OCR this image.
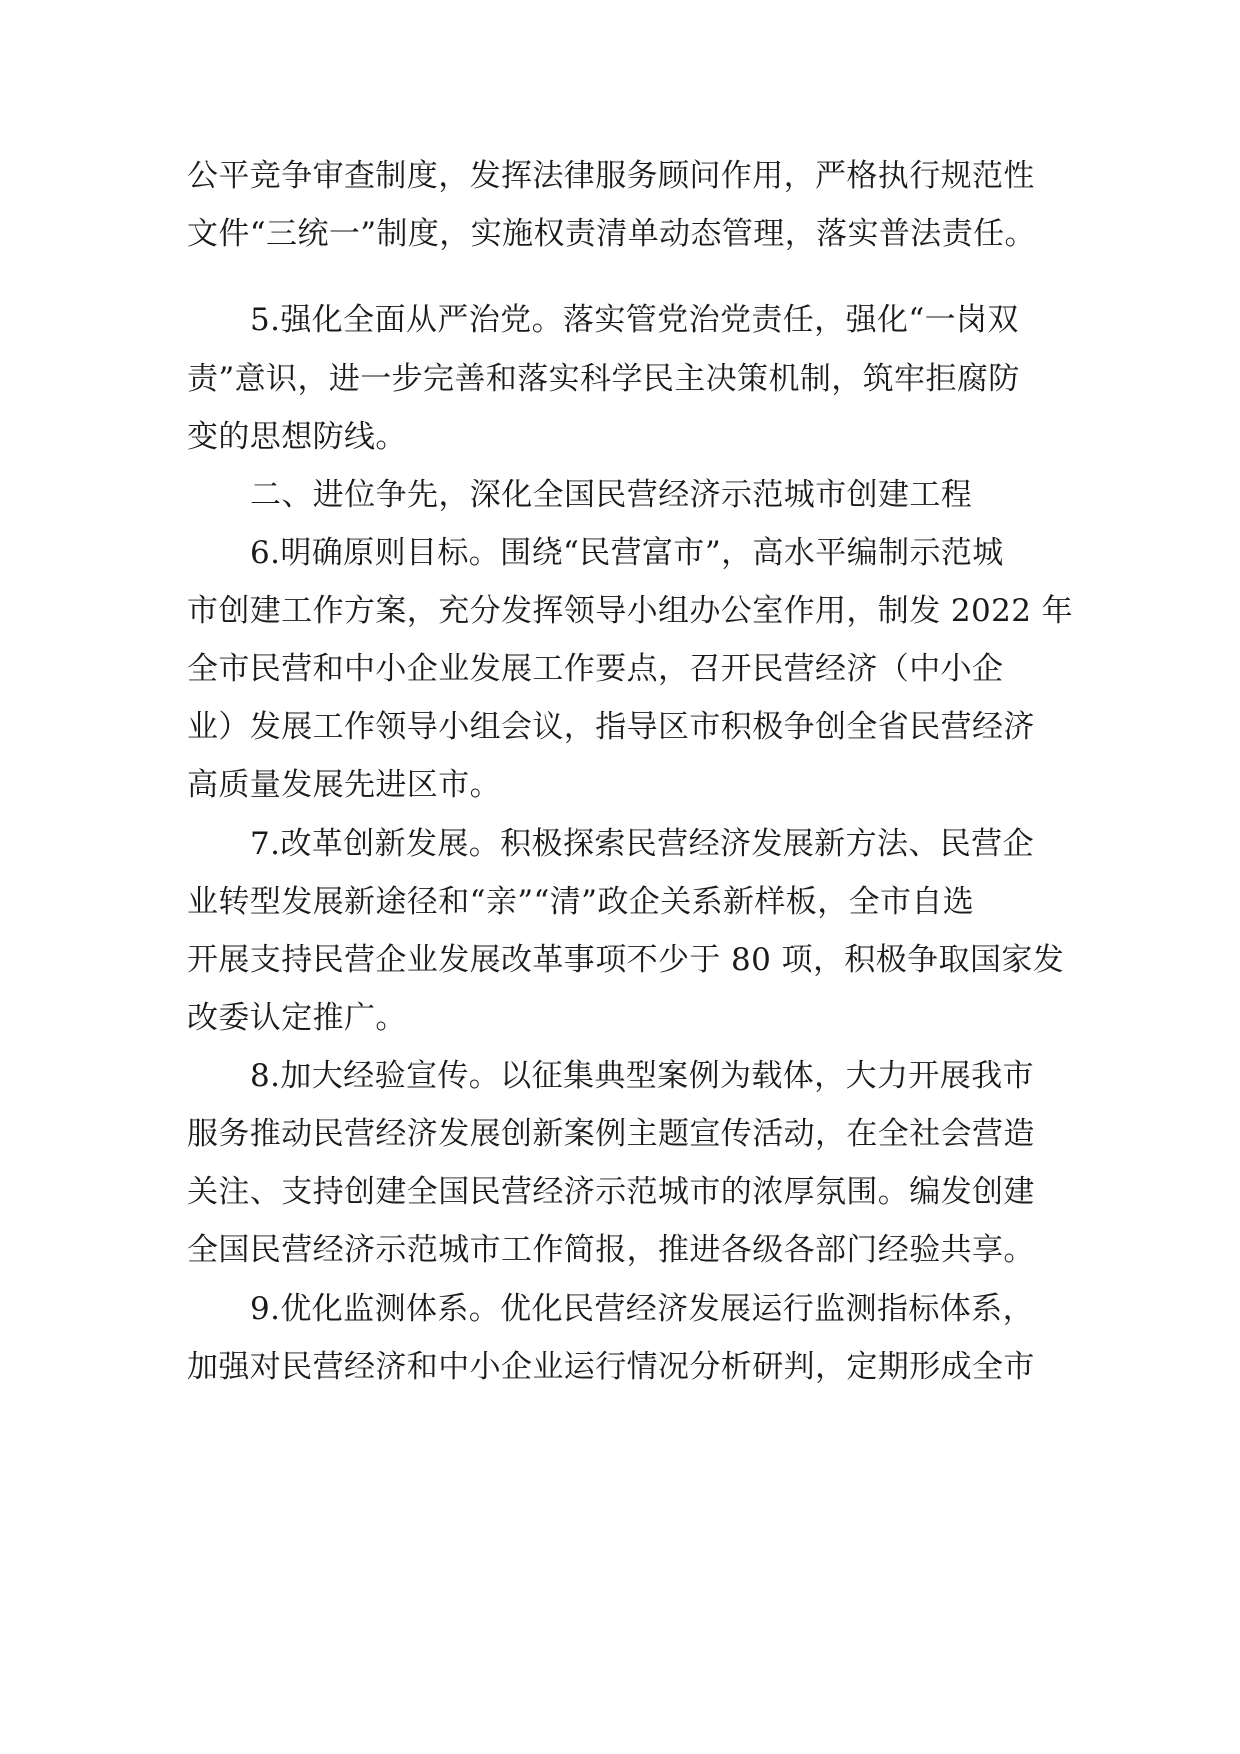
公平竞争审查制度，发挥法律服务顾问作用，严格执行规范性
文件“三统一”制度，实施权责清单动态管理，落实普法责任。
5.强化全面从严治党。落实管党治党责任，强化“一岗双
责”意识，进一步完善和落实科学民主决策机制，筑牢拒腐防
变的思想防线。
二、进位争先，深化全国民营经济示范城市创建工程
6.明确原则目标。围绕“民营富市”，高水平编制示范城
市创建工作方案，充分发挥领导小组办公室作用，制发 2022 年
全市民营和中小企业发展工作要点，召开民营经济（中小企
业）发展工作领导小组会议，指导区市积极争创全省民营经济
高质量发展先进区市。
7.改革创新发展。积极探索民营经济发展新方法、民营企
业转型发展新途径和“亲”“清”政企关系新样板，全市自选
开展支持民营企业发展改革事项不少于 80 项，积极争取国家发
改委认定推广。
8.加大经验宣传。以征集典型案例为载体，大力开展我市
服务推动民营经济发展创新案例主题宣传活动，在全社会营造
关注、支持创建全国民营经济示范城市的浓厚氛围。编发创建
全国民营经济示范城市工作简报，推进各级各部门经验共享。
9.优化监测体系。优化民营经济发展运行监测指标体系，
加强对民营经济和中小企业运行情况分析研判，定期形成全市
